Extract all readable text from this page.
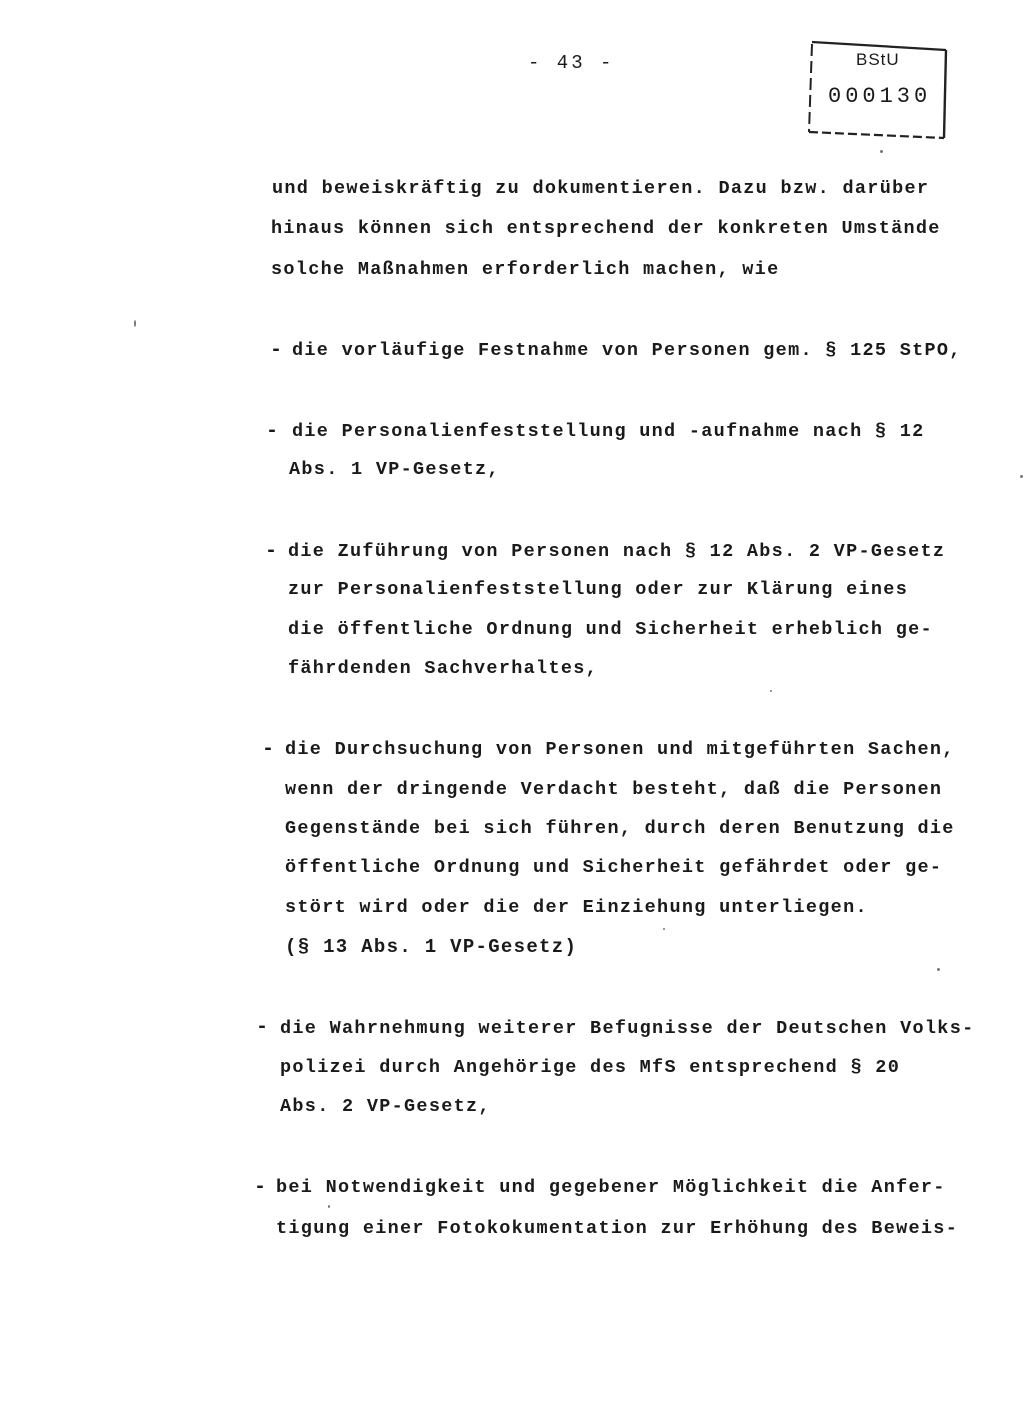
- 43 -	BStU
000130
und beweiskräftig zu dokumentieren. Dazu bzw. darüber
hinaus können sich entsprechend der konkreten Umstände
solche Maßnahmen erforderlich machen, wie
- die vorläufige Festnahme von Personen gem. § 125 StPO,
- die Personalienfeststellung und -aufnahme nach § 12
Abs. 1 VP-Gesetz,
- die Zuführung von Personen nach § 12 Abs. 2 VP-Gesetz
zur Personalienfeststellung oder zur Klärung eines
die öffentliche Ordnung und Sicherheit erheblich ge-
fährdenden Sachverhaltes,
- die Durchsuchung von Personen und mitgeführten Sachen,
wenn der dringende Verdacht besteht, daß die Personen
Gegenstände bei sich führen, durch deren Benutzung die
öffentliche Ordnung und Sicherheit gefährdet oder ge-
stört wird oder die der Einziehung unterliegen.
(§ 13 Abs. 1 VP-Gesetz)
- die Wahrnehmung weiterer Befugnisse der Deutschen Volks-
polizei durch Angehörige des MfS entsprechend § 20
Abs. 2 VP-Gesetz,
- bei Notwendigkeit und gegebener Möglichkeit die Anfer-
tigung einer Fotokokumentation zur Erhöhung des Beweis-
